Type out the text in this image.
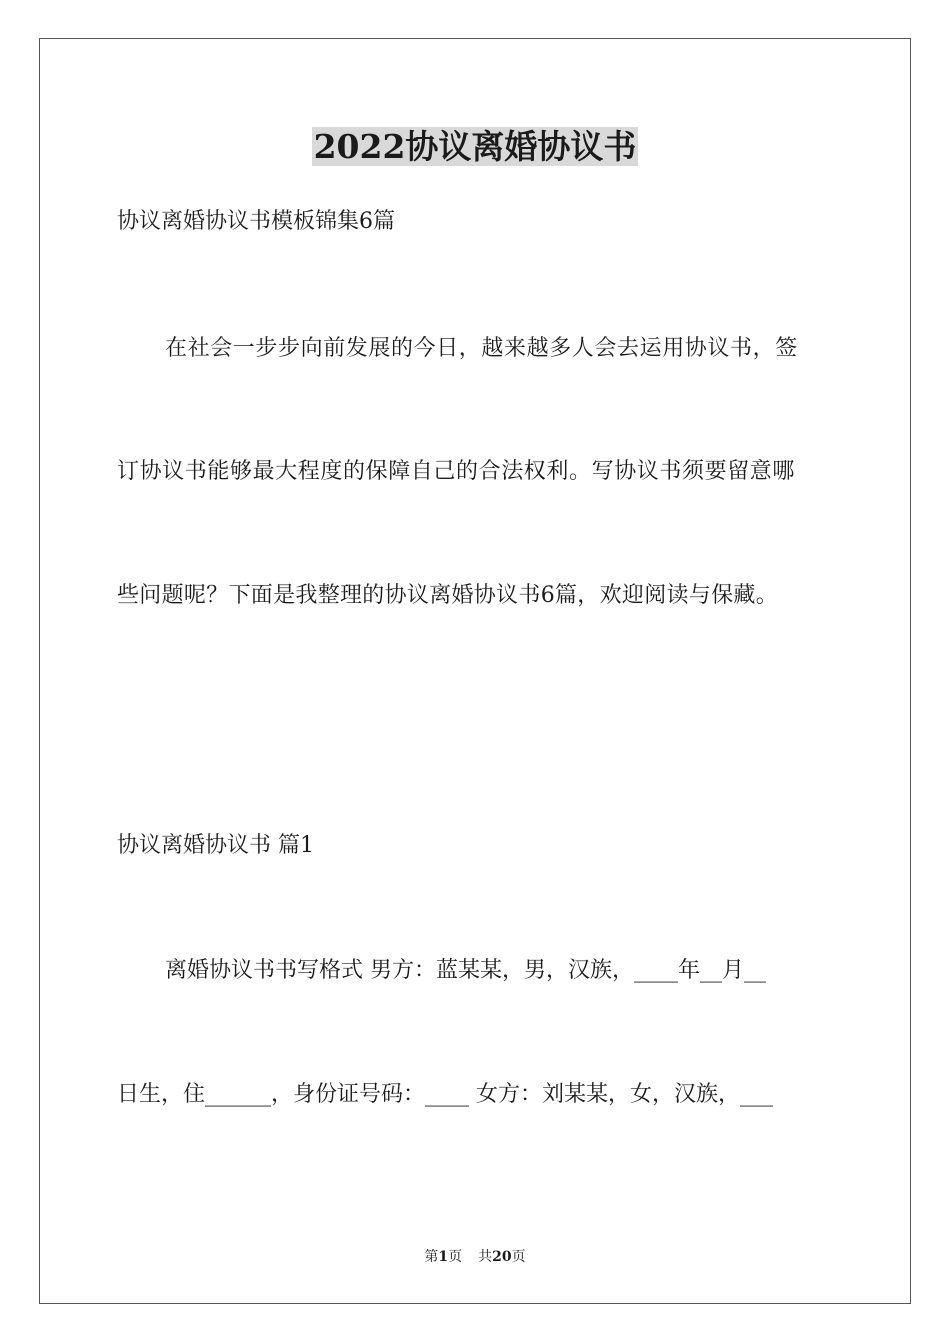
2022协议离婚协议书
协议离婚协议书模板锦集6篇
在社会一步步向前发展的今日，越来越多人会去运用协议书，签
订协议书能够最大程度的保障自己的合法权利。写协议书须要留意哪
些问题呢？下面是我整理的协议离婚协议书6篇，欢迎阅读与保藏。
协议离婚协议书 篇1
离婚协议书书写格式 男方：蓝某某，男，汉族，____年__月__
日生，住______，身份证号码：____ 女方：刘某某，女，汉族，___
第1页 共20页
